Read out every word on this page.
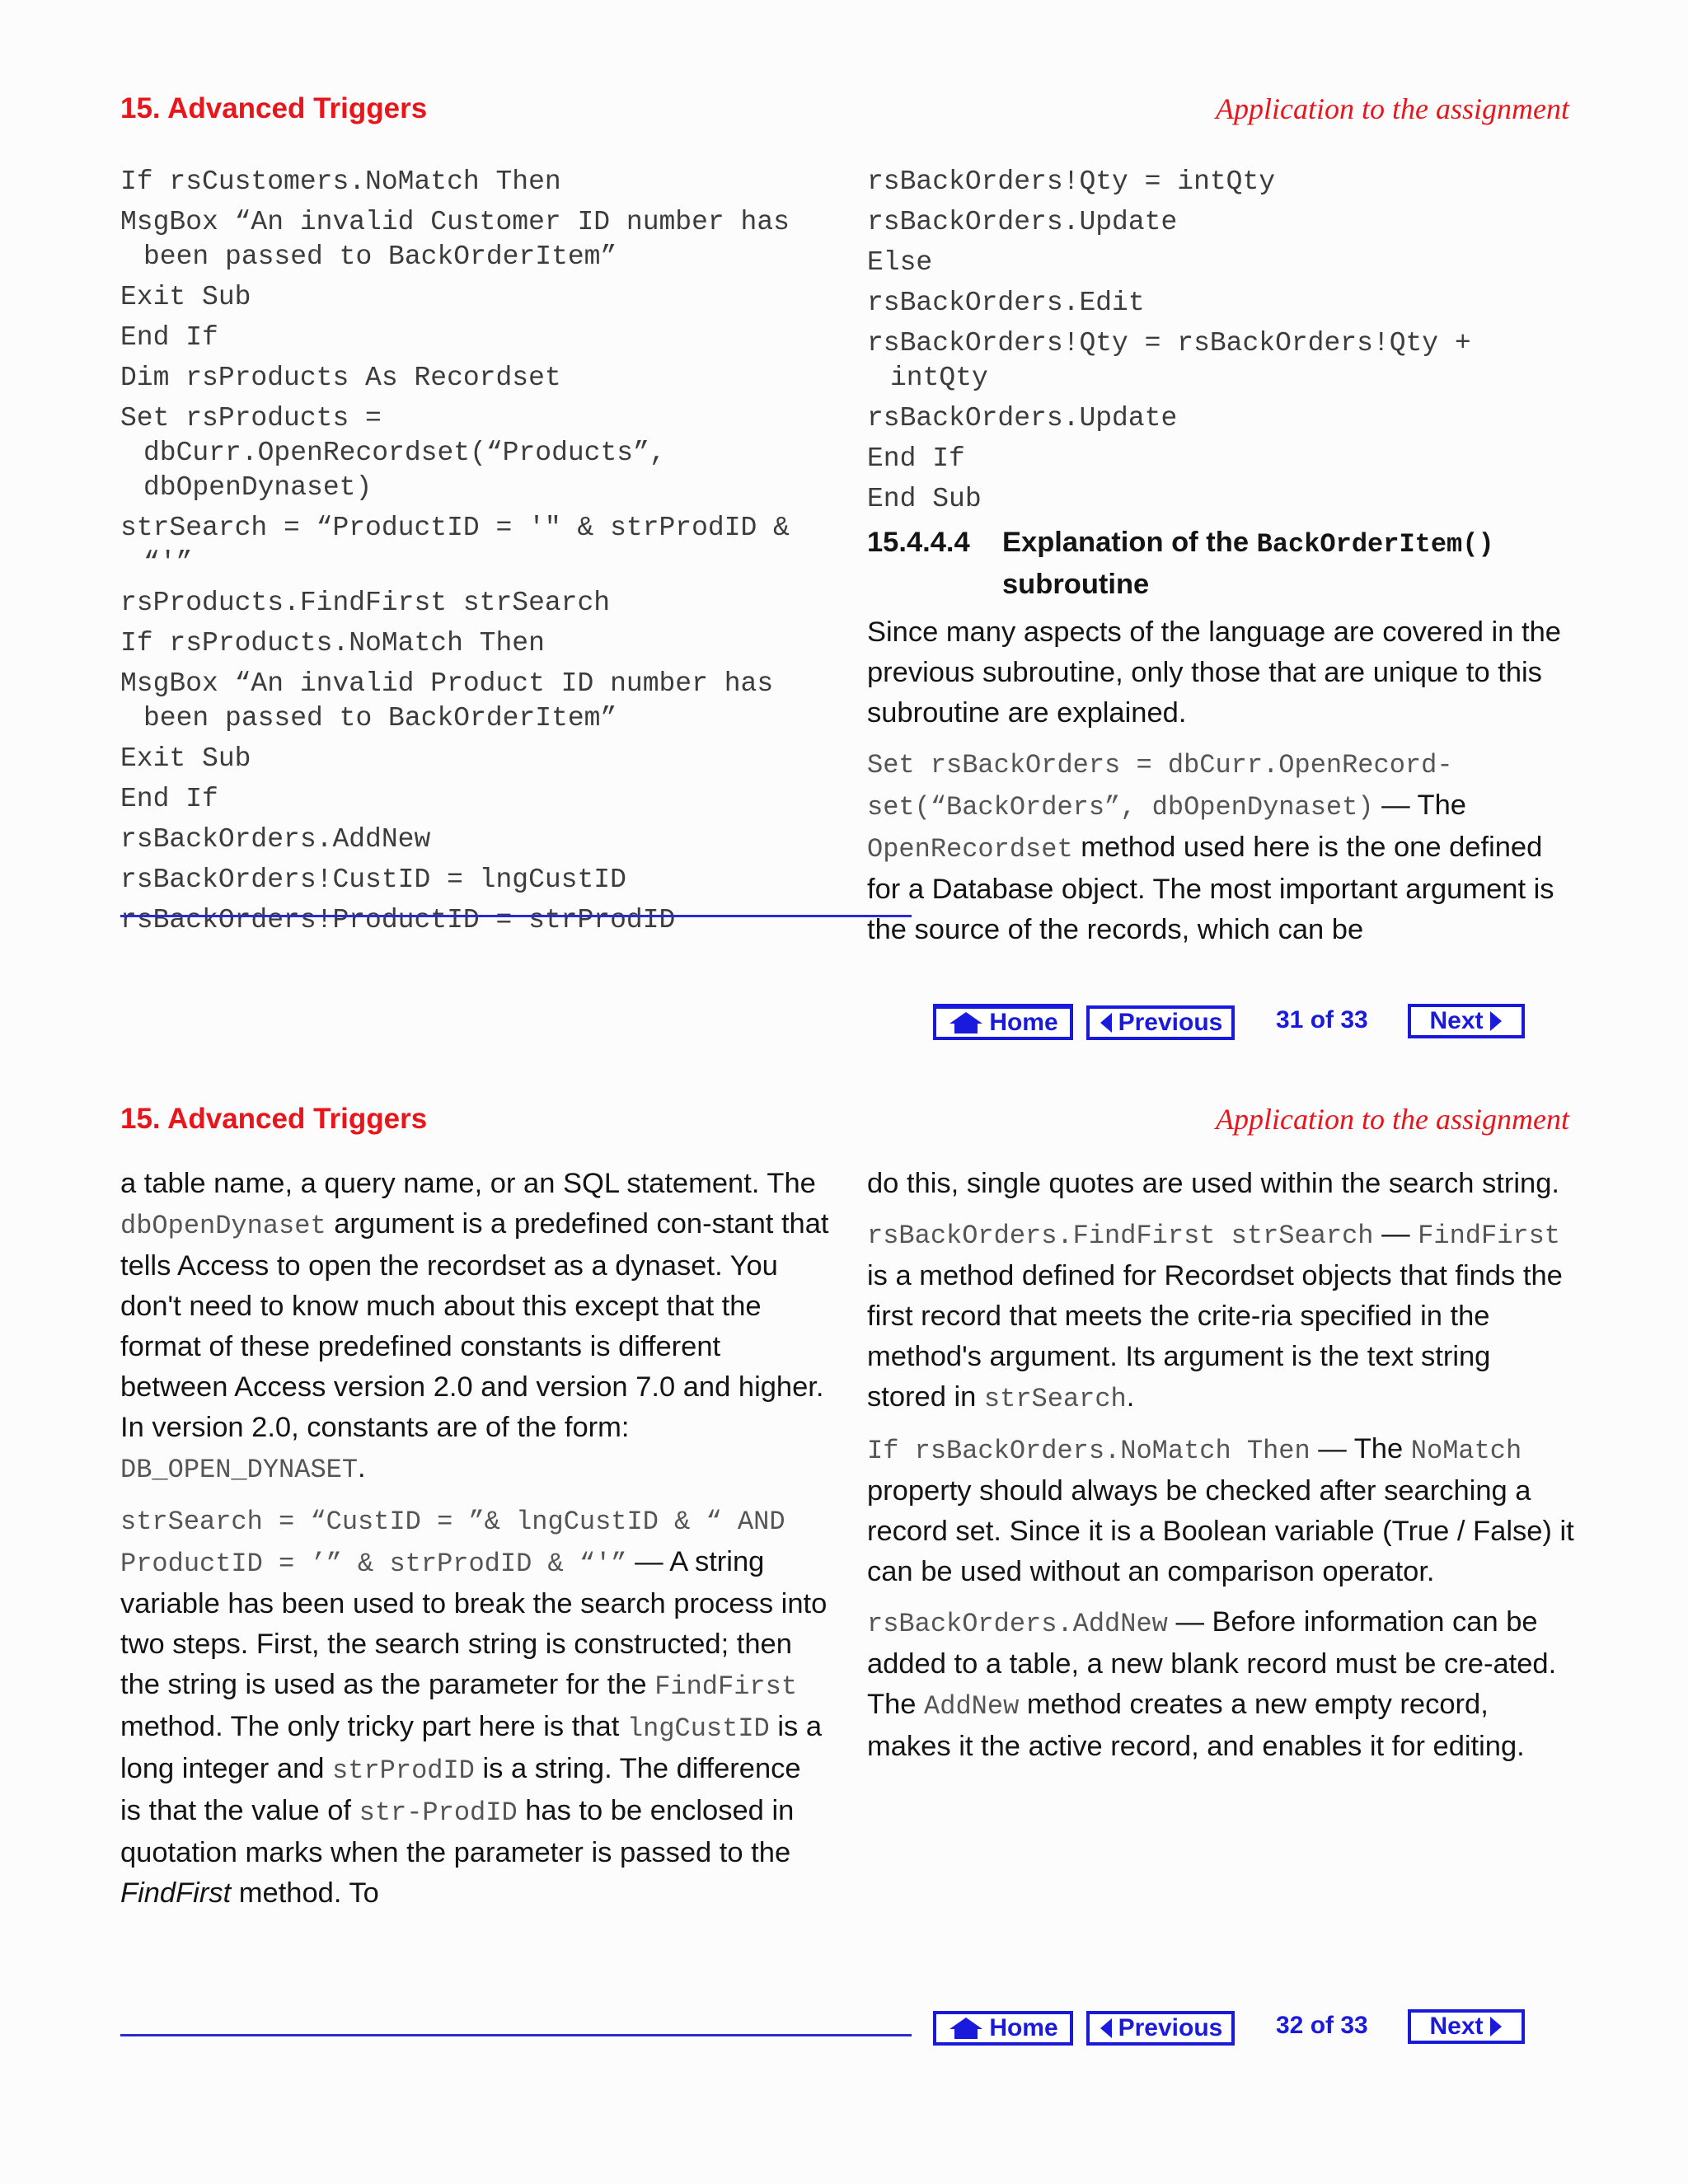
15. Advanced Triggers	Application to the assignment
If rsCustomers.NoMatch Then
MsgBox “An invalid Customer ID number has been passed to BackOrderItem”
Exit Sub
End If
Dim rsProducts As Recordset
Set rsProducts = dbCurr.OpenRecordset(“Products”, dbOpenDynaset)
strSearch = “ProductID = '" & strProdID & “'”
rsProducts.FindFirst strSearch
If rsProducts.NoMatch Then
MsgBox “An invalid Product ID number has been passed to BackOrderItem”
Exit Sub
End If
rsBackOrders.AddNew
rsBackOrders!CustID = lngCustID
rsBackOrders!ProductID = strProdID
rsBackOrders!Qty = intQty
rsBackOrders.Update
Else
rsBackOrders.Edit
rsBackOrders!Qty = rsBackOrders!Qty + intQty
rsBackOrders.Update
End If
End Sub
15.4.4.4 Explanation of the BackOrderItem() subroutine

Since many aspects of the language are covered in the previous subroutine, only those that are unique to this subroutine are explained.

Set rsBackOrders = dbCurr.OpenRecord-set(“BackOrders”, dbOpenDynaset) — The OpenRecordset method used here is the one defined for a Database object. The most important argument is the source of the records, which can be

Home Previous 31 of 33 Next
15. Advanced Triggers	Application to the assignment

a table name, a query name, or an SQL statement. The dbOpenDynaset argument is a predefined con-stant that tells Access to open the recordset as a dynaset. You don't need to know much about this except that the format of these predefined constants is different between Access version 2.0 and version 7.0 and higher. In version 2.0, constants are of the form: DB_OPEN_DYNASET.

strSearch = “CustID = ”& lngCustID & “ AND ProductID = ’” & strProdID & “'” — A string variable has been used to break the search process into two steps. First, the search string is constructed; then the string is used as the parameter for the FindFirst method. The only tricky part here is that lngCustID is a long integer and strProdID is a string. The difference is that the value of str-ProdID has to be enclosed in quotation marks when the parameter is passed to the FindFirst method. To

do this, single quotes are used within the search string.

rsBackOrders.FindFirst strSearch — FindFirst is a method defined for Recordset objects that finds the first record that meets the crite-ria specified in the method's argument. Its argument is the text string stored in strSearch.

If rsBackOrders.NoMatch Then — The NoMatch property should always be checked after searching a record set. Since it is a Boolean variable (True / False) it can be used without an comparison operator.

rsBackOrders.AddNew — Before information can be added to a table, a new blank record must be cre-ated. The AddNew method creates a new empty record, makes it the active record, and enables it for editing.

Home Previous 32 of 33 Next
